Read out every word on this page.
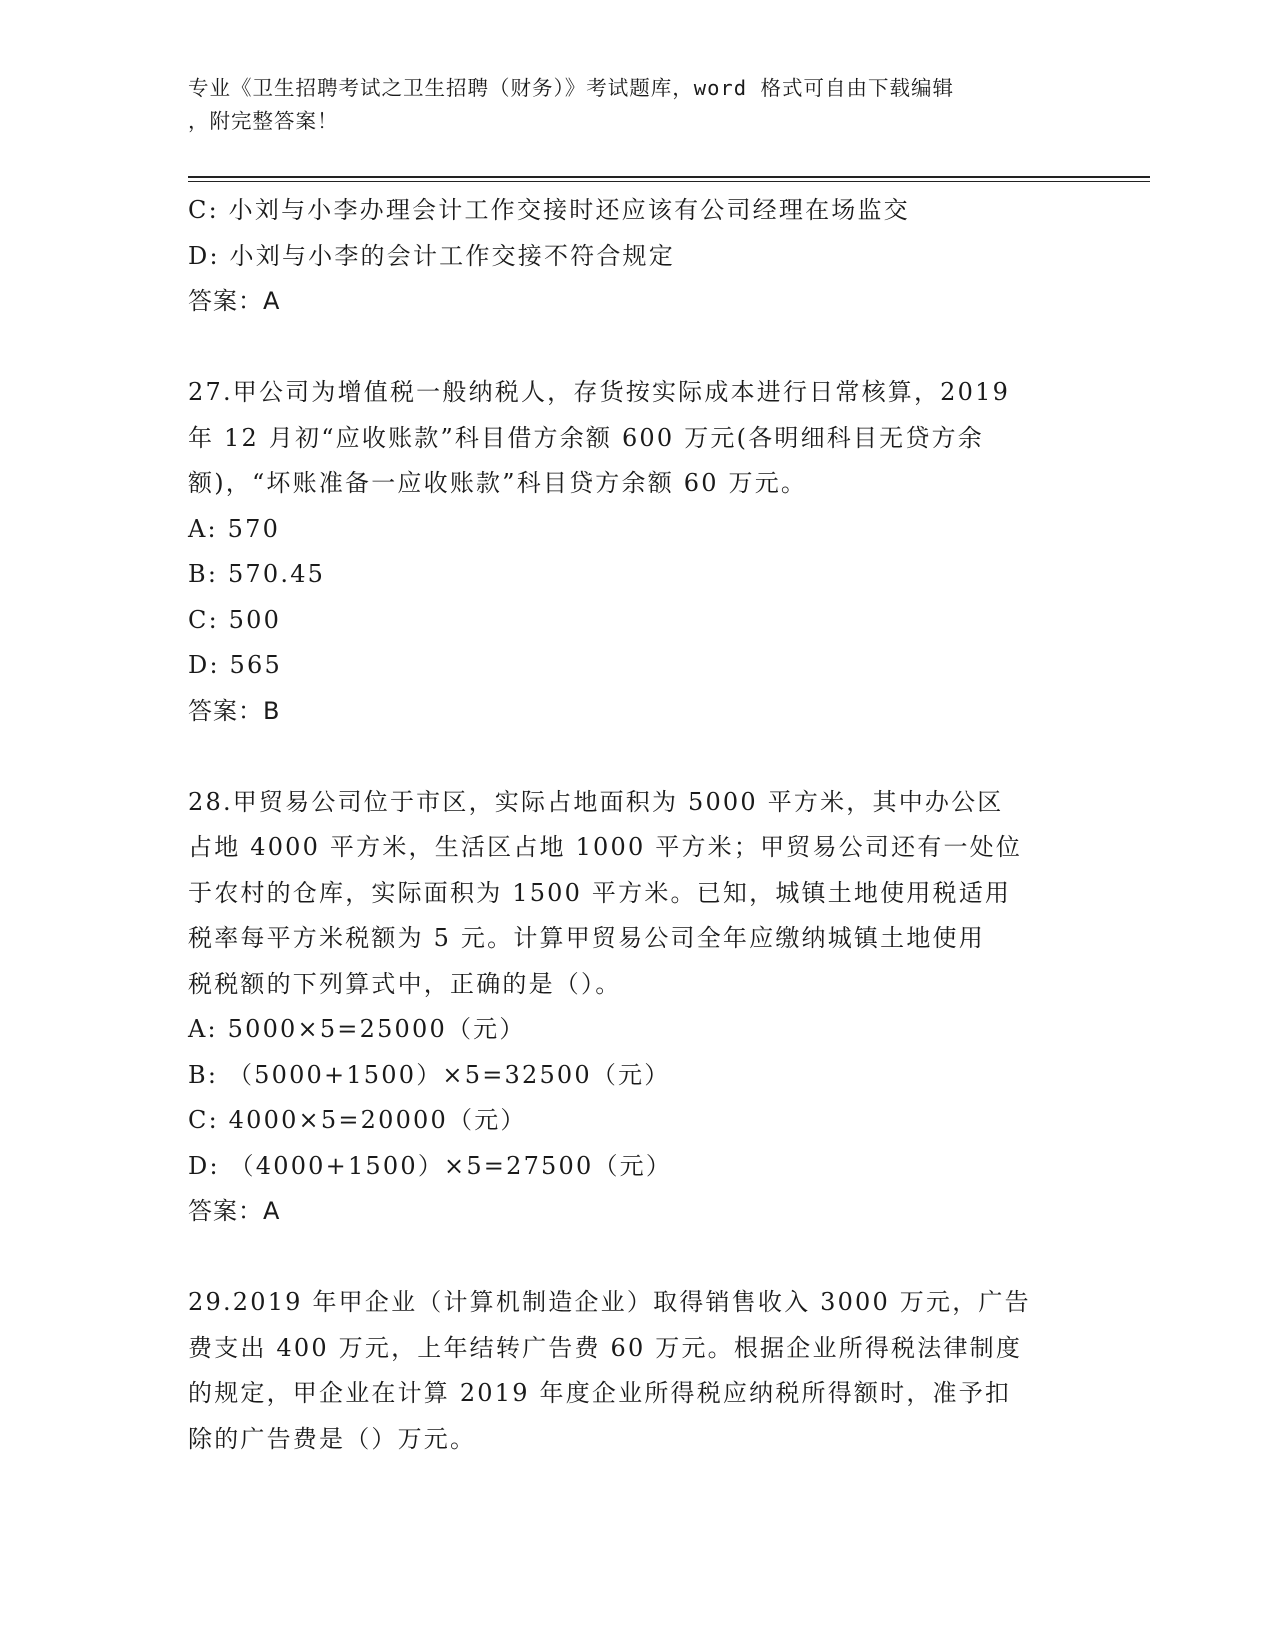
专业《卫生招聘考试之卫生招聘（财务）》考试题库，word 格式可自由下载编辑
，附完整答案！
C: 小刘与小李办理会计工作交接时还应该有公司经理在场监交
D: 小刘与小李的会计工作交接不符合规定
答案：A
27.甲公司为增值税一般纳税人，存货按实际成本进行日常核算，2019
年 12 月初“应收账款”科目借方余额 600 万元(各明细科目无贷方余
额)，“坏账准备一应收账款”科目贷方余额 60 万元。
A: 570
B: 570.45
C: 500
D: 565
答案：B
28.甲贸易公司位于市区，实际占地面积为 5000 平方米，其中办公区
占地 4000 平方米，生活区占地 1000 平方米；甲贸易公司还有一处位
于农村的仓库，实际面积为 1500 平方米。已知，城镇土地使用税适用
税率每平方米税额为 5 元。计算甲贸易公司全年应缴纳城镇土地使用
税税额的下列算式中，正确的是（）。
A: 5000×5=25000（元）
B: （5000+1500）×5=32500（元）
C: 4000×5=20000（元）
D: （4000+1500）×5=27500（元）
答案：A
29.2019 年甲企业（计算机制造企业）取得销售收入 3000 万元，广告
费支出 400 万元，上年结转广告费 60 万元。根据企业所得税法律制度
的规定，甲企业在计算 2019 年度企业所得税应纳税所得额时，准予扣
除的广告费是（）万元。
